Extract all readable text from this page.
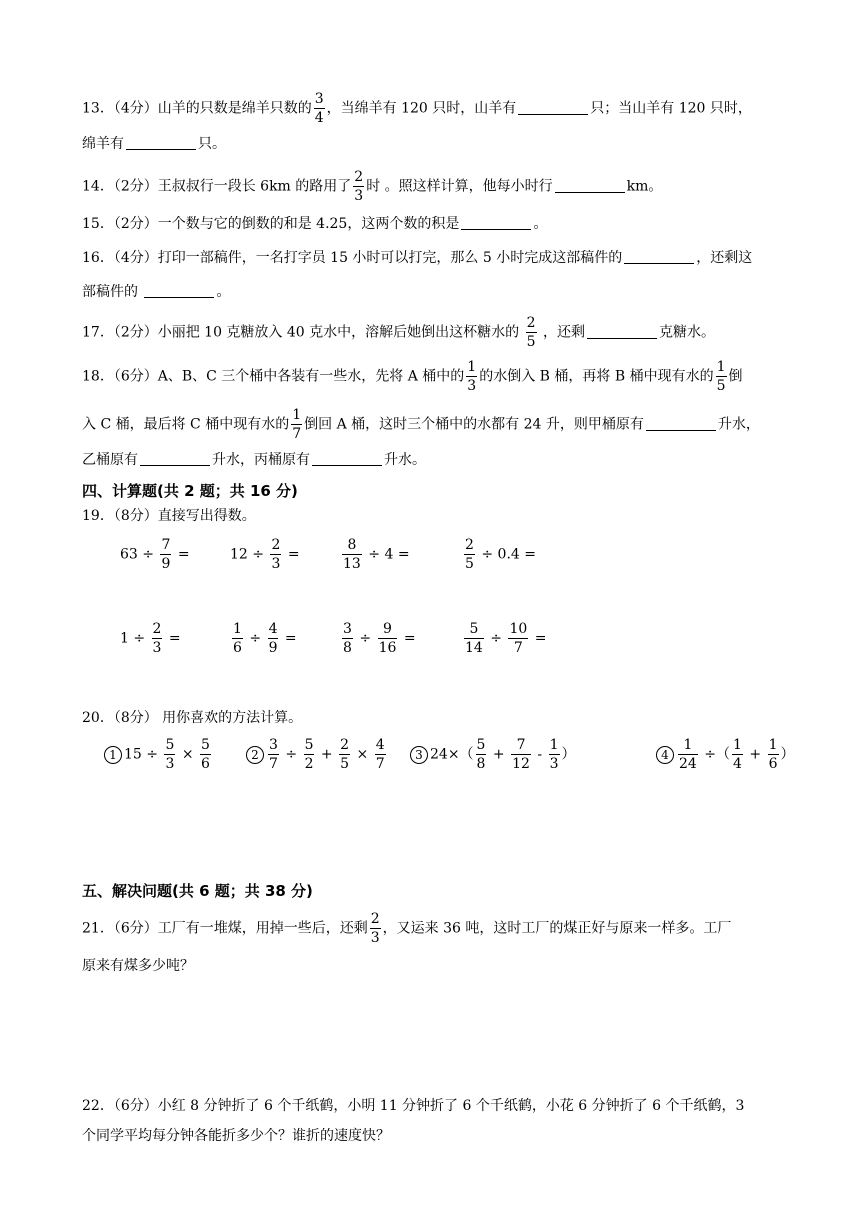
13．（4分）山羊的只数是绵羊只数的 $\frac{3}{4}$ ，当绵羊有 120 只时，山羊有	只；当山羊有 120 只时，
绵羊有	只。
14．（2分）王叔叔行一段长 6km 的路用了 $\frac{2}{3}$ 时 。照这样计算，他每小时行	km。
15．（2分）一个数与它的倒数的和是 4.25，这两个数的积是	。
16．（4分）打印一部稿件，一名打字员 15 小时可以打完，那么 5 小时完成这部稿件的	，还剩这
部稿件的	。
17．（2分）小丽把 10 克糖放入 40 克水中，溶解后她倒出这杯糖水的 $\frac{2}{5}$ ，还剩	克糖水。
18．（6分）A、B、C 三个桶中各装有一些水，先将 A 桶中的 $\frac{1}{3}$ 的水倒入 B 桶，再将 B 桶中现有水的 $\frac{1}{5}$ 倒
入 C 桶，最后将 C 桶中现有水的 $\frac{1}{7}$ 倒回 A 桶，这时三个桶中的水都有 24 升，则甲桶原有	升水，
乙桶原有	升水，丙桶原有	升水。
四、计算题(共 2 题；共 16 分)
19．（8分）直接写出得数。
$63 \div \frac{7}{9}$ =	$12 \div \frac{2}{3}$ =	$\frac{8}{13} \div 4$ =	$\frac{2}{5} \div 0.4$ =
$1 \div \frac{2}{3}$ =	$\frac{1}{6} \div \frac{4}{9}$ =	$\frac{3}{8} \div \frac{9}{16}$ =	$\frac{5}{14} \div \frac{10}{7}$ =
20．（8分） 用你喜欢的方法计算。
1 $15 \div \frac{5}{3} \times \frac{5}{6}$	$2 \frac{3}{7} \div \frac{5}{2} + \frac{2}{5} \times \frac{4}{7}$	3 $24\times( \frac{5}{8} + \frac{7}{12} - \frac{1}{3}$ ）	$4 \frac{1}{24}$ ÷（ $\frac{1}{4} + \frac{1}{6}$ ）
五、解决问题(共 6 题；共 38 分)
21．（6分）工厂有一堆煤，用掉一些后，还剩 $\frac{2}{3}$ ，又运来 36 吨，这时工厂的煤正好与原来一样多。工厂
原来有煤多少吨？
22．（6分）小红 8 分钟折了 6 个千纸鹤，小明 11 分钟折了 6 个千纸鹤，小花 6 分钟折了 6 个千纸鹤，3
个同学平均每分钟各能折多少个？谁折的速度快？
